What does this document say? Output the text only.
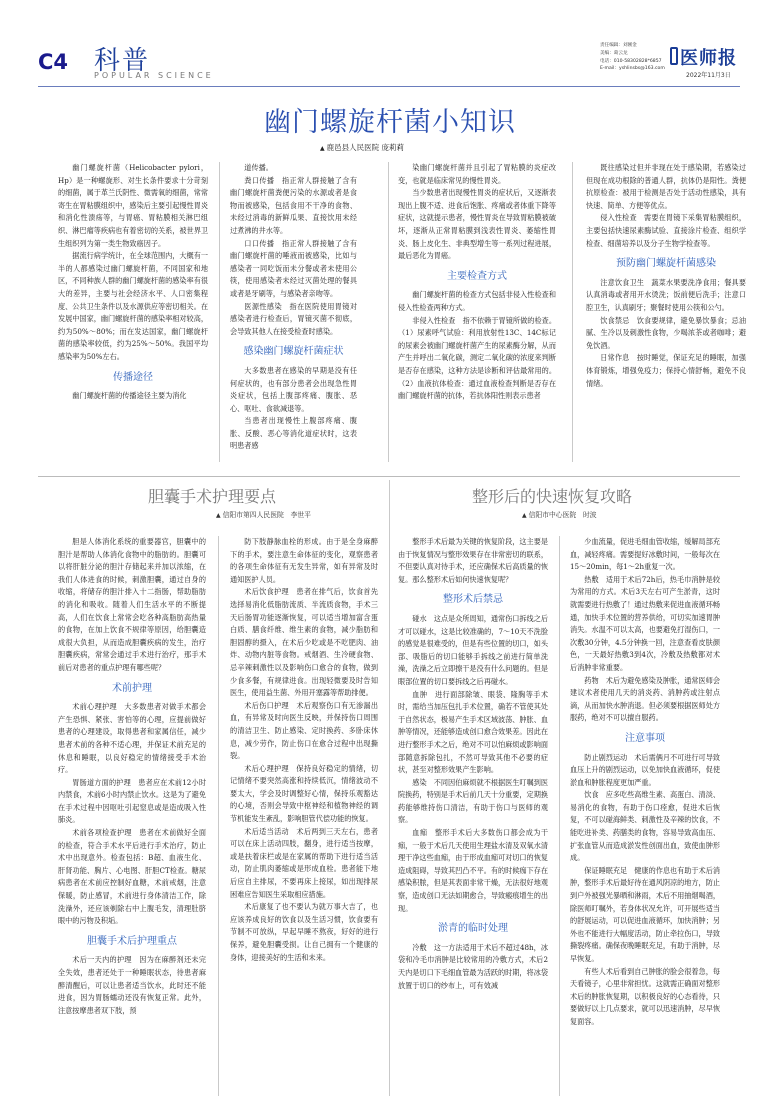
C4 科普
POPULAR SCIENCE
责任编辑：刘刚金
美编：葛云龙
电话：010-58302828*6857
E-mail：yshlinsbs@163.com 医师报
2022年11月3日
幽门螺旋杆菌小知识
▲ 鹿邑县人民医院 庞莉莉

幽门螺旋杆菌（Helicobacter pylori，Hp）是一种螺旋形、对生长条件要求十分苛刻的细菌，属于革兰氏阴性、微需氧的细菌，常常寄生在胃粘膜组织中，感染后主要引起慢性胃炎和消化性溃疡等，与胃癌、胃粘膜相关淋巴组织、淋巴瘤等疾病也有着密切的关系，被世界卫生组织列为第一类生物致癌因子。

据流行病学统计，在全球范围内，大概有一半的人都感染过幽门螺旋杆菌，不同国家和地区，不同种族人群的幽门螺旋杆菌的感染率有很大的差异，主要与社会经济水平、人口密集程度、公共卫生条件以及水源供应等密切相关。在发展中国家，幽门螺旋杆菌的感染率相对较高，约为50%～80%；而在发达国家，幽门螺旋杆菌的感染率较低，约为25%～50%。我国平均感染率为50%左右。

传播途径

幽门螺旋杆菌的传播途径主要为消化

道传播。

粪口传播　指正常人群接触了含有幽门螺旋杆菌粪便污染的水源或者是食物而被感染，包括食用不干净的食物、未经过消毒的新鲜瓜果、直接饮用未经过煮沸的井水等。

口口传播　指正常人群接触了含有幽门螺旋杆菌的唾液而被感染，比如与感染者一同吃饭而未分餐或者未使用公筷，使用感染者未经过灭菌处理的餐具或者是牙刷等，与感染者亲吻等。

医源性感染　指在医院使用胃镜对感染者进行检查后，胃镜灭菌不彻底，会导致其他人在接受检查时感染。

感染幽门螺旋杆菌症状

大多数患者在感染的早期是没有任何症状的，也有部分患者会出现急性胃炎症状，包括上腹部疼痛、腹胀、恶心、呕吐、食欲减退等。

当患者出现慢性上腹部疼痛、腹胀、反酸、恶心等消化道症状时，这表明患者感

染幽门螺旋杆菌并且引起了胃粘膜的炎症改变，也就是临床常见的慢性胃炎。

当少数患者出现慢性胃炎的症状后，又逐渐表现出上腹不适、进食后饱胀、疼痛或者体重下降等症状，这就提示患者，慢性胃炎在导致胃粘膜被破坏，逐渐从正常胃粘膜到浅表性胃炎、萎缩性胃炎、肠上皮化生、非典型增生等一系列过程进展，最后恶化为胃癌。

主要检查方式

幽门螺旋杆菌的检查方式包括非侵入性检查和侵入性检查两种方式。

非侵入性检查　指不依赖于胃镜所做的检查。（1）尿素呼气试验：利用放射性13C、14C标记的尿素会被幽门螺旋杆菌产生的尿素酶分解，从而产生并呼出二氧化碳，测定二氧化碳的浓度来判断是否存在感染，这种方法是诊断和评估最常用的。（2）血液抗体检查：通过血液检查判断是否存在幽门螺旋杆菌的抗体，若抗体阳性则表示患者

既往感染过但并非现在处于感染期，若感染过但现在成功根除的普通人群，抗体仍是阳性。粪便抗原检查：被用于检测是否处于活动性感染，具有快速、简单、方便等优点。

侵入性检查　需要在胃镜下采集胃粘膜组织，主要包括快速尿素酶试验、直接涂片检查、组织学检查、细菌培养以及分子生物学检查等。

预防幽门螺旋杆菌感染

注意饮食卫生　蔬菜水果要洗净食用；餐具要认真消毒或者用开水烫洗；饭前便后洗手；注意口腔卫生，认真刷牙；聚餐时使用公筷和公勺。

饮食禁忌　饮食要规律，避免暴饮暴食；忌油腻、生冷以及刺激性食物，少喝浓茶或者咖啡；避免饮酒。

日常作息　按时睡觉，保证充足的睡眠，加强体育锻炼，增强免疫力；保持心情舒畅，避免不良情绪。

胆囊手术护理要点
▲ 信阳市第四人民医院　李世平

胆是人体消化系统的重要器官，胆囊中的胆汁是帮助人体消化食物中的脂肪的。胆囊可以将肝脏分泌的胆汁存储起来并加以浓缩，在我们人体进食的时候，刺激胆囊，通过自身的收缩，将储存的胆汁排入十二指肠，帮助脂肪的消化和吸收。随着人们生活水平的不断提高，人们在饮食上常常会吃各种高脂肪高热量的食物，在加上饮食不规律等原因，给胆囊造成很大负担，从而造成胆囊疾病的发生，治疗胆囊疾病，常常会通过手术进行治疗，那手术前后对患者的重点护理有哪些呢？

术前护理

术前心理护理　大多数患者对做手术都会产生恐惧、紧张、害怕等的心理，应提前做好患者的心理建设，取得患者和家属信任，减少患者术前的各种不适心理，并保证术前充足的休息和睡眠，以良好稳定的情绪接受手术治疗。

胃肠道方面的护理　患者应在术前12小时内禁食，术前6小时内禁止饮水。这是为了避免在手术过程中因呕吐引起窒息或是造成吸入性肺炎。

术前各项检查护理　患者在术前做好全面的检查，符合手术水平后进行手术治疗，防止术中出现意外。检查包括：B超、血液生化、肝肾功能、胸片、心电图、肝胆CT检查。糖尿病患者在术前应控制好血糖，术前戒烟，注意保暖，防止感冒，术前进行身体清洁工作，除洗澡外，还应该剃除右中上腹毛发，清理肚脐眼中的污物及积垢。

胆囊手术后护理重点

术后一天内的护理　因为在麻醉剂还未完全失效，患者还处于一种睡眠状态，待患者麻醉清醒后，可以让患者适当饮水，此时还不能进食，因为胃肠蠕动还没有恢复正常。此外，注意按摩患者双下肢，预

防下肢静脉血栓的形成。由于是全身麻醉下的手术，要注意生命体征的变化，观察患者的各项生命体征有无发生异常，如有异常及时通知医护人员。

术后饮食护理　患者在排气后，饮食首先选择易消化低脂肪流质、半流质食物，手术三天后肠胃功能逐渐恢复，可以适当增加富含蛋白质、膳食纤维、维生素的食物，减少脂肪和胆固醇的摄入，在术后少吃或是不吃肥肉、油炸、动物内脏等食物。戒烟酒、生冷硬食物、忌辛辣刺激性以及影响伤口愈合的食物，做到少食多餐，有规律进食。出现轻微要及时告知医生，使用益生菌、外用开塞露等帮助排便。

术后伤口护理　术后观察伤口有无渗漏出血，有异常及时向医生反映，并保持伤口周围的清洁卫生、防止感染、定时换药、多卧床休息，减少劳作，防止伤口在愈合过程中出现撕裂。

术后心理护理　保持良好稳定的情绪，切记情绪不要突然高涨和持续低沉，情绪波动不要太大，学会及时调整好心情，保持乐观豁达的心境，否则会导致中枢神经和植物神经的调节机能发生紊乱，影响胆管代偿功能的恢复。

术后适当活动　术后两到三天左右，患者可以在床上活动四肢，翻身，进行适当按摩，或是扶着床栏或是在家属的帮助下进行适当活动，防止肌肉萎缩或是形成血栓。患者能下地后应自主排尿，不要再床上接尿，如出现排尿困难应告知医生采取相应措施。

术后康复了也不要认为就万事大吉了，也应该养成良好的饮食以及生活习惯，饮食要有节制不可放纵，早起早睡不熬夜，好好的进行保养，避免胆囊受损。让自己拥有一个健康的身体，迎接美好的生活和未来。

整形后的快速恢复攻略
▲ 信阳市中心医院　时波

整形手术后最为关键的恢复阶段，这主要是由于恢复情况与整形效果存在非常密切的联系，不但要认真对待手术，还应确保术后高质量的恢复。那么整形术后如何快速恢复呢？

整形术后禁忌

碰水　这点是众所周知，通常伤口拆线之后才可以碰水，这是比较准确的，7～10天不洗脸的感觉是很难受的，但是有些位置的切口，如头部、吸脂后的切口能够手拆线之前进行简单洗澡，洗澡之后立即擦干是没有什么问题的。但是眼部位置的切口要拆线之后再碰水。

血肿　进行面部除皱、眼袋、隆胸等手术时，需给当加压包扎手术位置，确若不管使其处于自然状态，极易产生手术区域波荡、肿胀、血肿等情况，还能够造成创口愈合效果差。因此在进行整形手术之后，绝对不可以怕麻烦或影响面部随意拆除包扎，不然可导致其他不必要的症状，甚至对整形效果产生影响。

感染　不同因伯麻烦就不根据医生叮嘱到医院换药，特别是手术后前几天十分重要，定期换药能够维持伤口清洁，有助于伤口与医师的观察。

血痂　整形手术后大多数伤口都会成为干痂，一般于术后几天使用生理盐水清及双氧水清理干净这些血痂，由于形成血痂可对切口的恢复造成阻碍，导致其凹凸不平。有的时候痂下存在感染积脓，但是其表面非常干燥，无法很好地观察，造成创口无法如期愈合，导致瘢痕增生的出现。

淤青的临时处理

冷敷　这一方法适用于术后不超过48h，冰袋和冷毛巾消肿是比较常用的冷敷方式，术后2天内是切口下毛细血管最为活跃的时期，将冰袋放置于切口的纱布上，可有效减

少血流量，促进毛细血管收缩，缓解局部充血，减轻疼痛。需要提好冰敷时间，一般每次在15～20min，每1～2h重复一次。

热敷　适用于术后72h后，热毛巾消肿是较为常用的方式。术后3天左右可产生淤青，这时就需要进行热敷了！通过热敷来促进血液循环畅通，加快手术位置的营养供给，可切实加速胃肿消失。水温不可以太高，也要避免打湿伤口，一次敷30分钟，4.5分钟换一回，注意查看皮肤颜色，一天最好热敷3到4次，冷敷及热敷都对术后消肿非常重要。

药物　术后为避免感染及肿胀，通常医师会建议术者使用几天的消炎药、消肿药或注射点滴，从而加快水肿消退。但必须要根据医师处方服药，绝对不可以擅自服药。

注意事项

防止剧烈运动　术后需俩月不可进行可导致血压上升的剧烈运动，以免加快血液循环，促使淤血和肿胀程度更加严重。

饮食　应多吃些高维生素、高蛋白、清淡、易消化的食物，有助于伤口痊愈，促进术后恢复，不可以碰海鲜类、刺激性及辛辣的饮食，不能吃进补类、药膳类的食物，容易导致高血压、扩张血管从而造成淤发性创面出血，致使血肿形成。

保证睡眠充足　健康的作息也有助于术后消肿，整形手术后最好待在通风阴凉的地方，防止到户外被强光暴晒和淋雨，术后不用抽烟喝酒，除医师叮嘱外，若身体状况允许，可开展些适当的舒展运动，可以促进血液循环，加快消肿；另外也不能进行大幅度活动，防止牵拉伤口，导致撕裂疼痛。确保夜晚睡眠充足，有助于消肿，尽早恢复。

有些人术后看到自己肿胀的脸会很着急，每天看镜子，心里非常担忧。这就需正确面对整形术后的肿胀恢复期，以积极良好的心态看待，只要做好以上几点要求，就可以迅速消肿，尽早恢复面容。
